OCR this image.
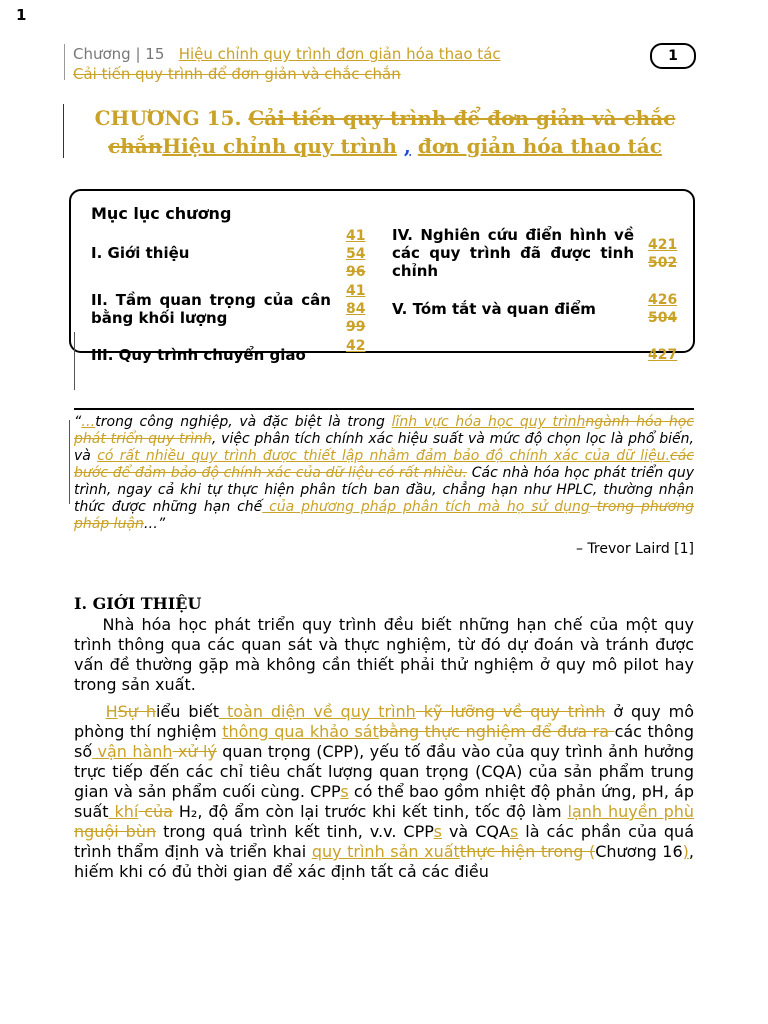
1
Chương | 15 Hiệu chỉnh quy trình đơn giản hóa thao tác
Cải tiến quy trình để đơn giản và chắc chắn
1
CHƯƠNG 15. Cải tiến quy trình để đơn giản và chắc
chắnHiệu chỉnh quy trình , đơn giản hóa thao tác
Mục lục chương
I. Giới thiệu
41
54
96
II. Tầm quan trọng của cân bằng khối lượng
41
84
99
III. Quy trình chuyển giao	42
IV. Nghiên cứu điển hình về các quy trình đã được tinh chỉnh
421
502
V. Tóm tắt và quan điểm	426
504
427
“…trong công nghiệp, và đặc biệt là trong lĩnh vực hóa học quy trìnhngành hóa học phát triển quy trình, việc phân tích chính xác hiệu suất và mức độ chọn lọc là phổ biến, và có rất nhiều quy trình được thiết lập nhằm đảm bảo độ chính xác của dữ liệu.các bước để đảm bảo độ chính xác của dữ liệu có rất nhiều. Các nhà hóa học phát triển quy trình, ngay cả khi tự thực hiện phân tích ban đầu, chẳng hạn như HPLC, thường nhận thức được những hạn chế của phương pháp phân tích mà họ sử dụng trong phương pháp luận…”
– Trevor Laird [1]
I. GIỚI THIỆU
Nhà hóa học phát triển quy trình đều biết những hạn chế của một quy trình thông qua các quan sát và thực nghiệm, từ đó dự đoán và tránh được vấn đề thường gặp mà không cần thiết phải thử nghiệm ở quy mô pilot hay trong sản xuất.
HSự hiểu biết toàn diện về quy trình kỹ lưỡng về quy trình ở quy mô phòng thí nghiệm thông qua khảo sátbằng thực nghiệm để đưa ra các thông số vận hành xử lý quan trọng (CPP), yếu tố đầu vào của quy trình ảnh hưởng trực tiếp đến các chỉ tiêu chất lượng quan trọng (CQA) của sản phẩm trung gian và sản phẩm cuối cùng. CPPs có thể bao gồm nhiệt độ phản ứng, pH, áp suất khí của H₂, độ ẩm còn lại trước khi kết tinh, tốc độ làm lạnh huyền phù nguội bùn trong quá trình kết tinh, v.v. CPPs và CQAs là các phần của quá trình thẩm định và triển khai quy trình sản xuấtthực hiện trong (Chương 16), hiếm khi có đủ thời gian để xác định tất cả các điều
